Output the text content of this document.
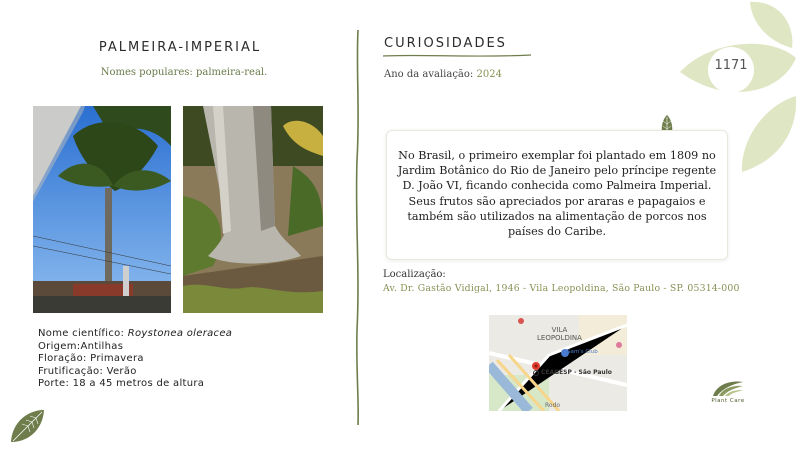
1171
PALMEIRA-IMPERIAL
Nomes populares: palmeira-real.
Nome científico: Roystonea oleracea
Origem:Antilhas
Floração: Primavera
Frutificação: Verão
Porte: 18 a 45 metros de altura
CURIOSIDADES
Ano da avaliação: 2024
No Brasil, o primeiro exemplar foi plantado em 1809 no Jardim Botânico do Rio de Janeiro pelo príncipe regente D. João VI, ficando conhecida como Palmeira Imperial. Seus frutos são apreciados por araras e papagaios e também são utilizados na alimentação de porcos nos países do Caribe.
Localização:
Av. Dr. Gastão Vidigal, 1946 - Vila Leopoldina, São Paulo - SP. 05314-000
VILA
LEOPOLDINA
Sam's Club
CEAGESP - São Paulo
Rodo
Plant Care
